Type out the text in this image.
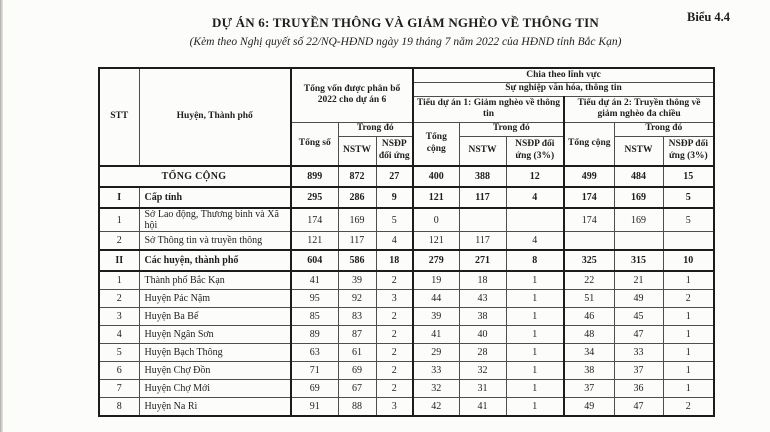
Biểu 4.4
DỰ ÁN 6: TRUYỀN THÔNG VÀ GIẢM NGHÈO VỀ THÔNG TIN
(Kèm theo Nghị quyết số 22/NQ-HĐND ngày 19 tháng 7 năm 2022 của HĐND tỉnh Bắc Kạn)
STT	Huyện, Thành phố	Tổng vốn được phân bổ 2022 cho dự án 6			Chia theo lĩnh vực					
					Sự nghiệp văn hóa, thông tin					
					Tiểu dự án 1: Giảm nghèo về thông tin			Tiểu dự án 2: Truyền thông về giảm nghèo đa chiều		
		Tổng số	Trong đó		Tổng cộng	Trong đó		Tổng cộng	Trong đó	
			NSTW	NSĐP đối ứng		NSTW	NSĐP đối ứng (3%)		NSTW	NSĐP đối ứng (3%)
TỔNG CỘNG		899	872	27	400	388	12	499	484	15
I	Cấp tỉnh	295	286	9	121	117	4	174	169	5
1	Sở Lao động, Thương binh và Xã hội	174	169	5	0			174	169	5
2	Sở Thông tin và truyền thông	121	117	4	121	117	4			
II	Các huyện, thành phố	604	586	18	279	271	8	325	315	10
1	Thành phố Bắc Kạn	41	39	2	19	18	1	22	21	1
2	Huyện Pác Nặm	95	92	3	44	43	1	51	49	2
3	Huyện Ba Bể	85	83	2	39	38	1	46	45	1
4	Huyện Ngân Sơn	89	87	2	41	40	1	48	47	1
5	Huyện Bạch Thông	63	61	2	29	28	1	34	33	1
6	Huyện Chợ Đồn	71	69	2	33	32	1	38	37	1
7	Huyện Chợ Mới	69	67	2	32	31	1	37	36	1
8	Huyện Na Rì	91	88	3	42	41	1	49	47	2
